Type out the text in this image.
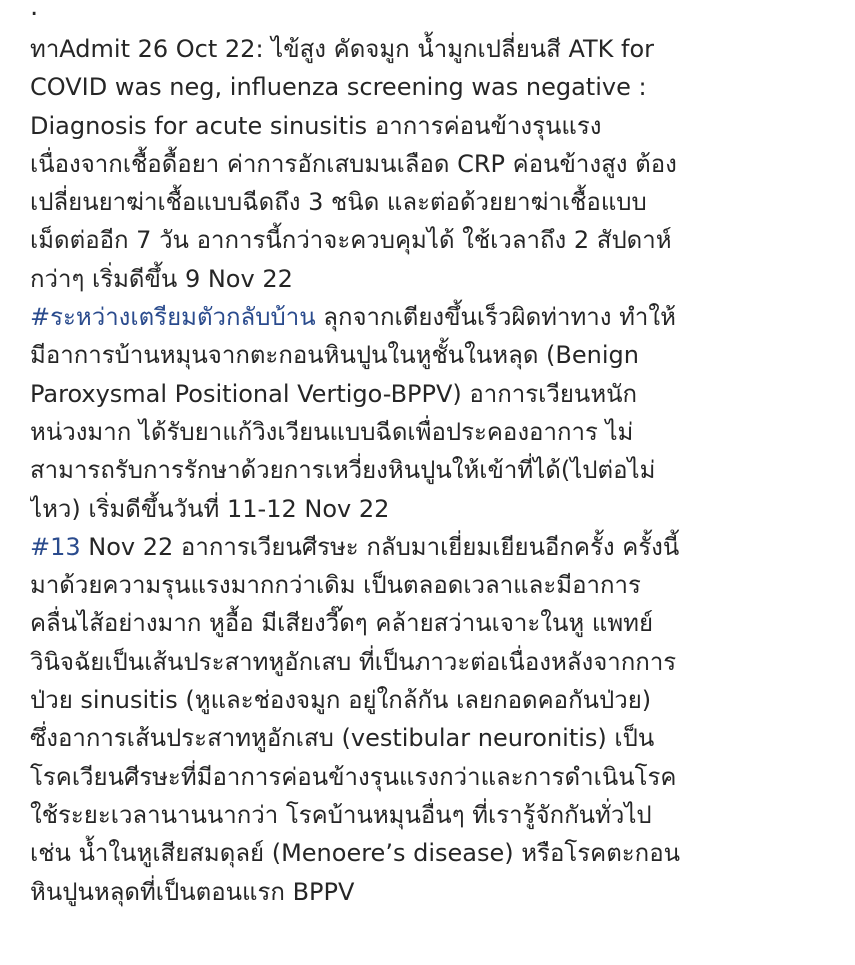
.
ทาAdmit 26 Oct 22: ไข้สูง คัดจมูก น้ำมูกเปลี่ยนสี ATK for
COVID was neg, influenza screening was negative :
Diagnosis for acute sinusitis อาการค่อนข้างรุนแรง
เนื่องจากเชื้อดื้อยา ค่าการอักเสบมนเลือด CRP ค่อนข้างสูง ต้อง
เปลี่ยนยาฆ่าเชื้อแบบฉีดถึง 3 ชนิด และต่อด้วยยาฆ่าเชื้อแบบ
เม็ดต่ออีก 7 วัน อาการนี้กว่าจะควบคุมได้ ใช้เวลาถึง 2 สัปดาห์
กว่าๆ เริ่มดีขึ้น 9 Nov 22
#ระหว่างเตรียมตัวกลับบ้าน ลุกจากเตียงขึ้นเร็วผิดท่าทาง ทำให้
มีอาการบ้านหมุนจากตะกอนหินปูนในหูชั้นในหลุด (Benign
Paroxysmal Positional Vertigo-BPPV) อาการเวียนหนัก
หน่วงมาก ได้รับยาแก้วิงเวียนแบบฉีดเพื่อประคองอาการ ไม่
สามารถรับการรักษาด้วยการเหวี่ยงหินปูนให้เข้าที่ได้(ไปต่อไม่
ไหว) เริ่มดีขึ้นวันที่ 11-12 Nov 22
#13 Nov 22 อาการเวียนศีรษะ กลับมาเยี่ยมเยียนอีกครั้ง ครั้งนี้
มาด้วยความรุนแรงมากกว่าเดิม เป็นตลอดเวลาและมีอาการ
คลื่นไส้อย่างมาก หูอื้อ มีเสียงวี๊ดๆ คล้ายสว่านเจาะในหู แพทย์
วินิจฉัยเป็นเส้นประสาทหูอักเสบ ที่เป็นภาวะต่อเนื่องหลังจากการ
ป่วย sinusitis (หูและช่องจมูก อยู่ใกล้กัน เลยกอดคอกันป่วย)
ซึ่งอาการเส้นประสาทหูอักเสบ (vestibular neuronitis) เป็น
โรคเวียนศีรษะที่มีอาการค่อนข้างรุนแรงกว่าและการดำเนินโรค
ใช้ระยะเวลานานนากว่า โรคบ้านหมุนอื่นๆ ที่เรารู้จักกันทั่วไป
เช่น น้ำในหูเสียสมดุลย์ (Menoere’s disease) หรือโรคตะกอน
หินปูนหลุดที่เป็นตอนแรก BPPV
